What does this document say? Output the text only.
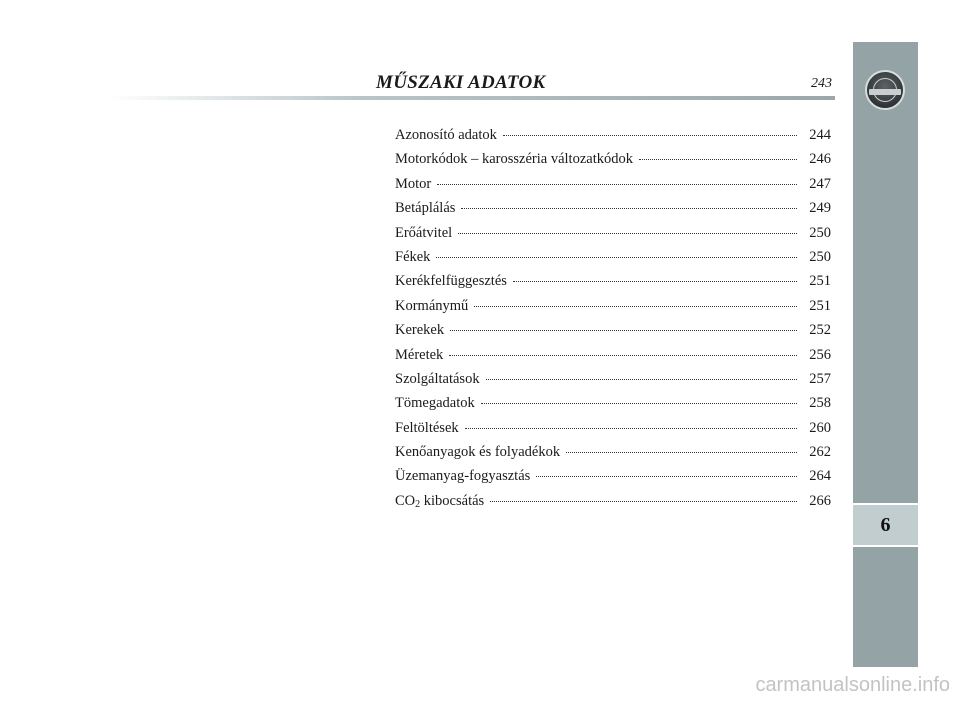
MŰSZAKI ADATOK	243
6
Azonosító adatok	244
Motorkódok – karosszéria változatkódok	246
Motor	247
Betáplálás	249
Erőátvitel	250
Fékek	250
Kerékfelfüggesztés	251
Kormánymű	251
Kerekek	252
Méretek	256
Szolgáltatások	257
Tömegadatok	258
Feltöltések	260
Kenőanyagok és folyadékok	262
Üzemanyag-fogyasztás	264
$CO_2$ kibocsátás	266
carmanualsonline.info
